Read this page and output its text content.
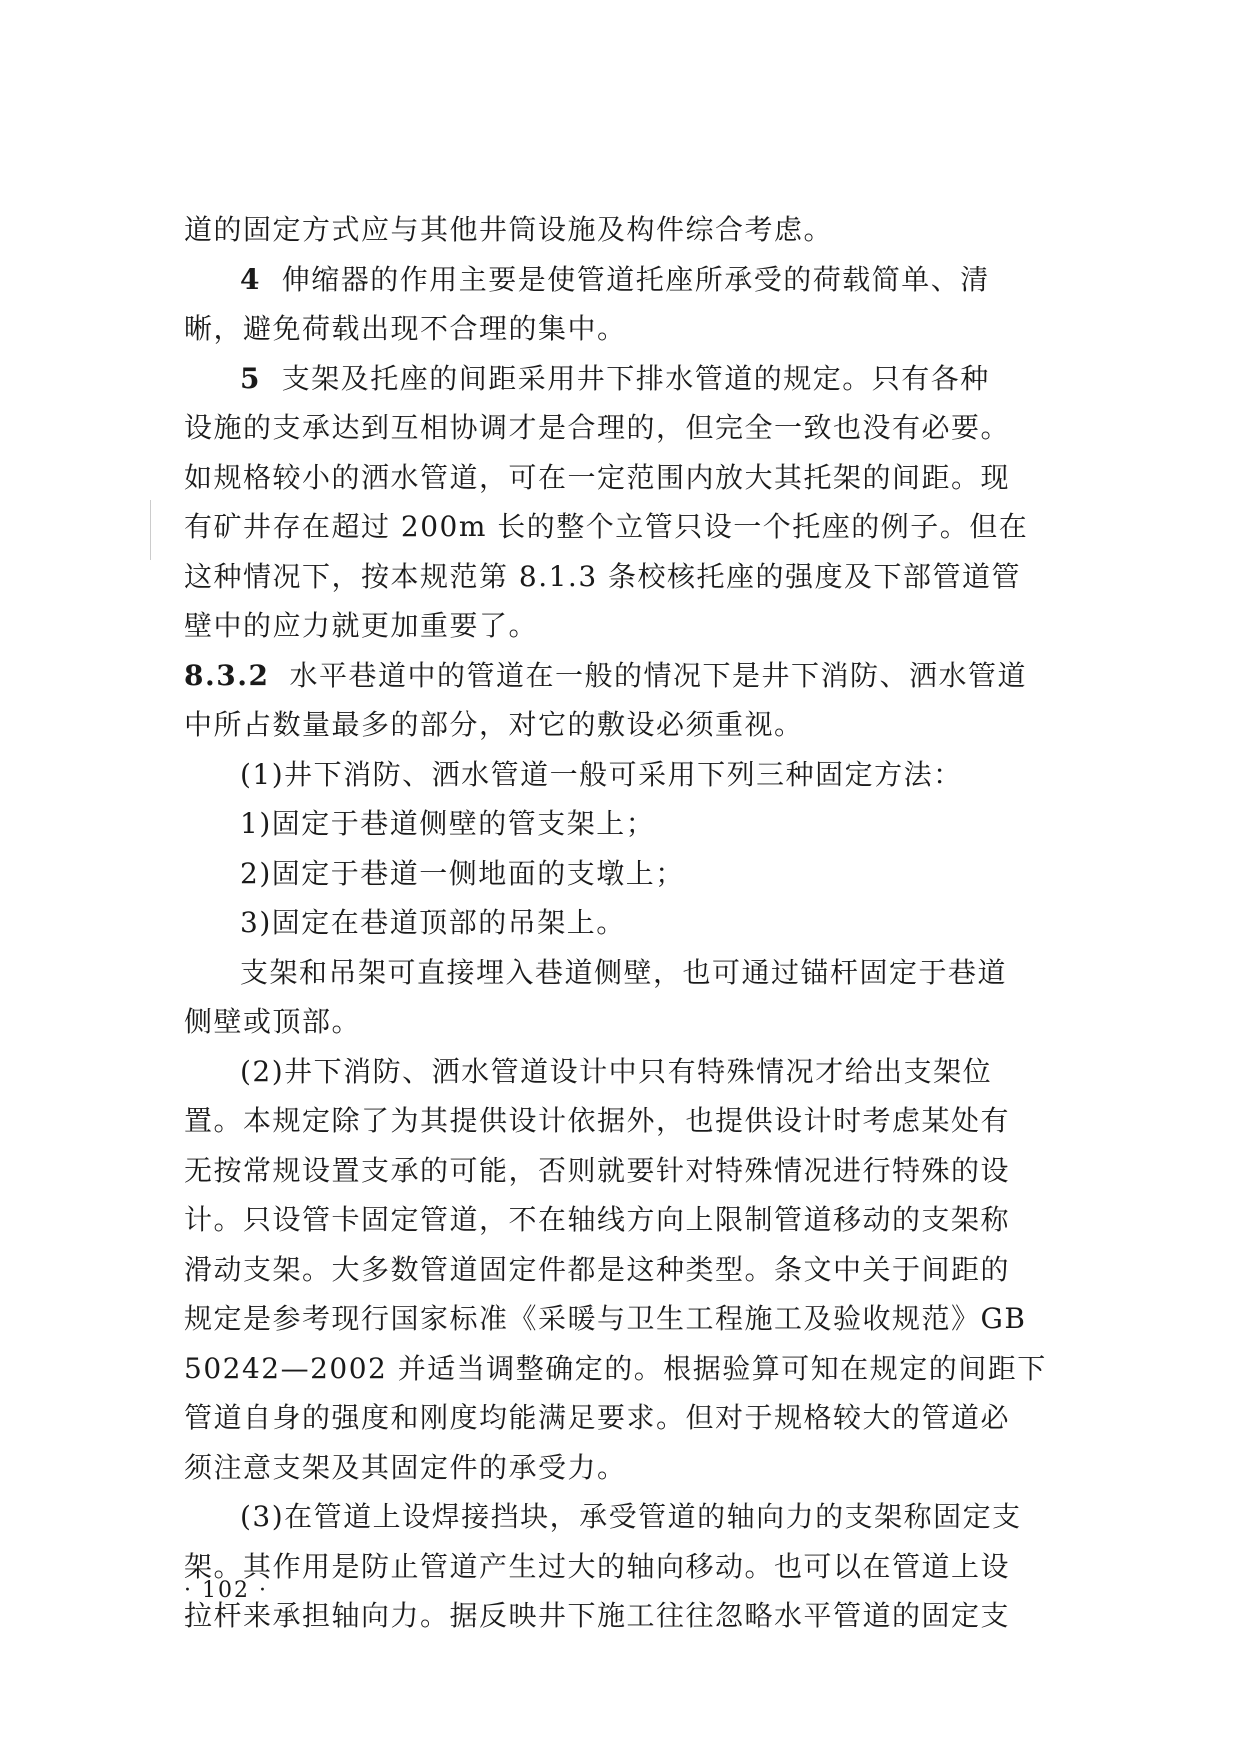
道的固定方式应与其他井筒设施及构件综合考虑。
4 伸缩器的作用主要是使管道托座所承受的荷载简单、清
晰，避免荷载出现不合理的集中。
5 支架及托座的间距采用井下排水管道的规定。只有各种
设施的支承达到互相协调才是合理的，但完全一致也没有必要。
如规格较小的洒水管道，可在一定范围内放大其托架的间距。现
有矿井存在超过 200m 长的整个立管只设一个托座的例子。但在
这种情况下，按本规范第 8.1.3 条校核托座的强度及下部管道管
壁中的应力就更加重要了。
8.3.2 水平巷道中的管道在一般的情况下是井下消防、洒水管道
中所占数量最多的部分，对它的敷设必须重视。
(1)井下消防、洒水管道一般可采用下列三种固定方法：
1)固定于巷道侧壁的管支架上；
2)固定于巷道一侧地面的支墩上；
3)固定在巷道顶部的吊架上。
支架和吊架可直接埋入巷道侧壁，也可通过锚杆固定于巷道
侧壁或顶部。
(2)井下消防、洒水管道设计中只有特殊情况才给出支架位
置。本规定除了为其提供设计依据外，也提供设计时考虑某处有
无按常规设置支承的可能，否则就要针对特殊情况进行特殊的设
计。只设管卡固定管道，不在轴线方向上限制管道移动的支架称
滑动支架。大多数管道固定件都是这种类型。条文中关于间距的
规定是参考现行国家标准《采暖与卫生工程施工及验收规范》GB
50242—2002 并适当调整确定的。根据验算可知在规定的间距下
管道自身的强度和刚度均能满足要求。但对于规格较大的管道必
须注意支架及其固定件的承受力。
(3)在管道上设焊接挡块，承受管道的轴向力的支架称固定支
架。其作用是防止管道产生过大的轴向移动。也可以在管道上设
拉杆来承担轴向力。据反映井下施工往往忽略水平管道的固定支
· 102 ·
